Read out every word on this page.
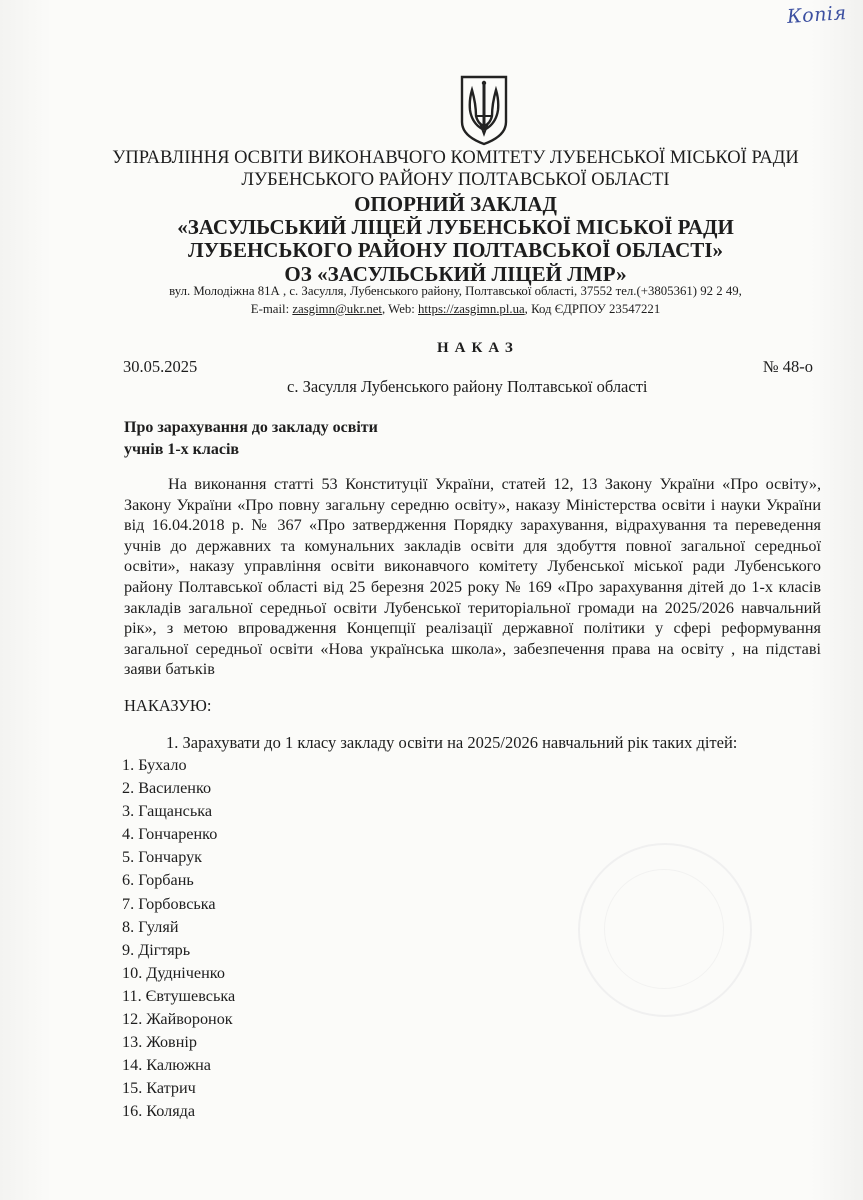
Копія
УПРАВЛІННЯ ОСВІТИ ВИКОНАВЧОГО КОМІТЕТУ ЛУБЕНСЬКОЇ МІСЬКОЇ РАДИ
ЛУБЕНСЬКОГО РАЙОНУ ПОЛТАВСЬКОЇ ОБЛАСТІ
ОПОРНИЙ ЗАКЛАД
«ЗАСУЛЬСЬКИЙ ЛІЦЕЙ ЛУБЕНСЬКОЇ МІСЬКОЇ РАДИ
ЛУБЕНСЬКОГО РАЙОНУ ПОЛТАВСЬКОЇ ОБЛАСТІ»
ОЗ «ЗАСУЛЬСЬКИЙ ЛІЦЕЙ ЛМР»
вул. Молодіжна 81А , с. Засулля, Лубенського району, Полтавської області, 37552 тел.(+3805361) 92 2 49,
E-mail: zasgimn@ukr.net, Web: https://zasgimn.pl.ua, Код ЄДРПОУ 23547221
НАКАЗ
30.05.2025	№ 48-о
с. Засулля Лубенського району Полтавської області
Про зарахування до закладу освіти
учнів 1-х класів
На виконання статті 53 Конституції України, статей 12, 13 Закону України «Про освіту», Закону України «Про повну загальну середню освіту», наказу Міністерства освіти і науки України від 16.04.2018 р. № 367 «Про затвердження Порядку зарахування, відрахування та переведення учнів до державних та комунальних закладів освіти для здобуття повної загальної середньої освіти», наказу управління освіти виконавчого комітету Лубенської міської ради Лубенського району Полтавської області від 25 березня 2025 року № 169 «Про зарахування дітей до 1-х класів закладів загальної середньої освіти Лубенської територіальної громади на 2025/2026 навчальний рік», з метою впровадження Концепції реалізації державної політики у сфері реформування загальної середньої освіти «Нова українська школа», забезпечення права на освіту , на підставі заяви батьків
НАКАЗУЮ:
1. Зарахувати до 1 класу закладу освіти на 2025/2026 навчальний рік таких дітей:
1. Бухало
2. Василенко
3. Гащанська
4. Гончаренко
5. Гончарук
6. Горбань
7. Горбовська
8. Гуляй
9. Дігтярь
10. Дудніченко
11. Євтушевська
12. Жайворонок
13. Жовнір
14. Калюжна
15. Катрич
16. Коляда
